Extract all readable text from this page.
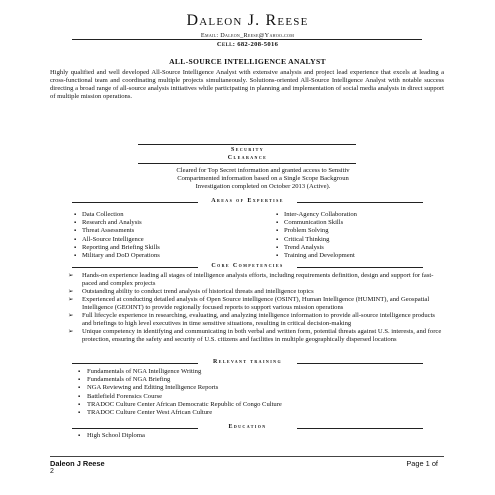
Daleon J. Reese
Email: Daleon_Reese@Yahoo.com
Cell: 682-208-5016
ALL-SOURCE INTELLIGENCE ANALYST
Highly qualified and well developed All-Source Intelligence Analyst with extensive analysis and project lead experience that excels at leading a cross-functional team and coordinating multiple projects simultaneously. Solutions-oriented All-Source Intelligence Analyst with notable success directing a broad range of all-source analysis initiatives while participating in planning and implementation of social media analysis in direct support of multiple mission operations.
Security
Clearance
Cleared for Top Secret information and granted access to Sensitiv
Compartmented information based on a Single Scope Backgroun
Investigation completed on October 2013 (Active).
Areas of Expertise
▪ Data Collection
▪ Research and Analysis
▪ Threat Assessments
▪ All-Source Intelligence
▪ Reporting and Briefing Skills
▪ Military and DoD Operations
▪ Inter-Agency Collaboration
▪ Communication Skills
▪ Problem Solving
▪ Critical Thinking
▪ Trend Analysis
▪ Training and Development
Core Competencies
➢ Hands-on experience leading all stages of intelligence analysis efforts, including requirements definition, design and support for fast-paced and complex projects
➢ Outstanding ability to conduct trend analysis of historical threats and intelligence topics
➢ Experienced at conducting detailed analysis of Open Source intelligence (OSINT), Human Intelligence (HUMINT), and Geospatial Intelligence (GEOINT) to provide regionally focused reports to support various mission operations
➢ Full lifecycle experience in researching, evaluating, and analyzing intelligence information to provide all-source intelligence products and briefings to high level executives in time sensitive situations, resulting in critical decision-making
➢ Unique competency in identifying and communicating in both verbal and written form, potential threats against U.S. interests, and force protection, ensuring the safety and security of U.S. citizens and facilities in multiple geographically dispersed locations
Relevant training
▪ Fundamentals of NGA Intelligence Writing
▪ Fundamentals of NGA Briefing
▪ NGA Reviewing and Editing Intelligence Reports
▪ Battlefield Forensics Course
▪ TRADOC Culture Center African Democratic Republic of Congo Culture
▪ TRADOC Culture Center West African Culture
Education
▪ High School Diploma
Daleon J Reese	Page 1 of
2
